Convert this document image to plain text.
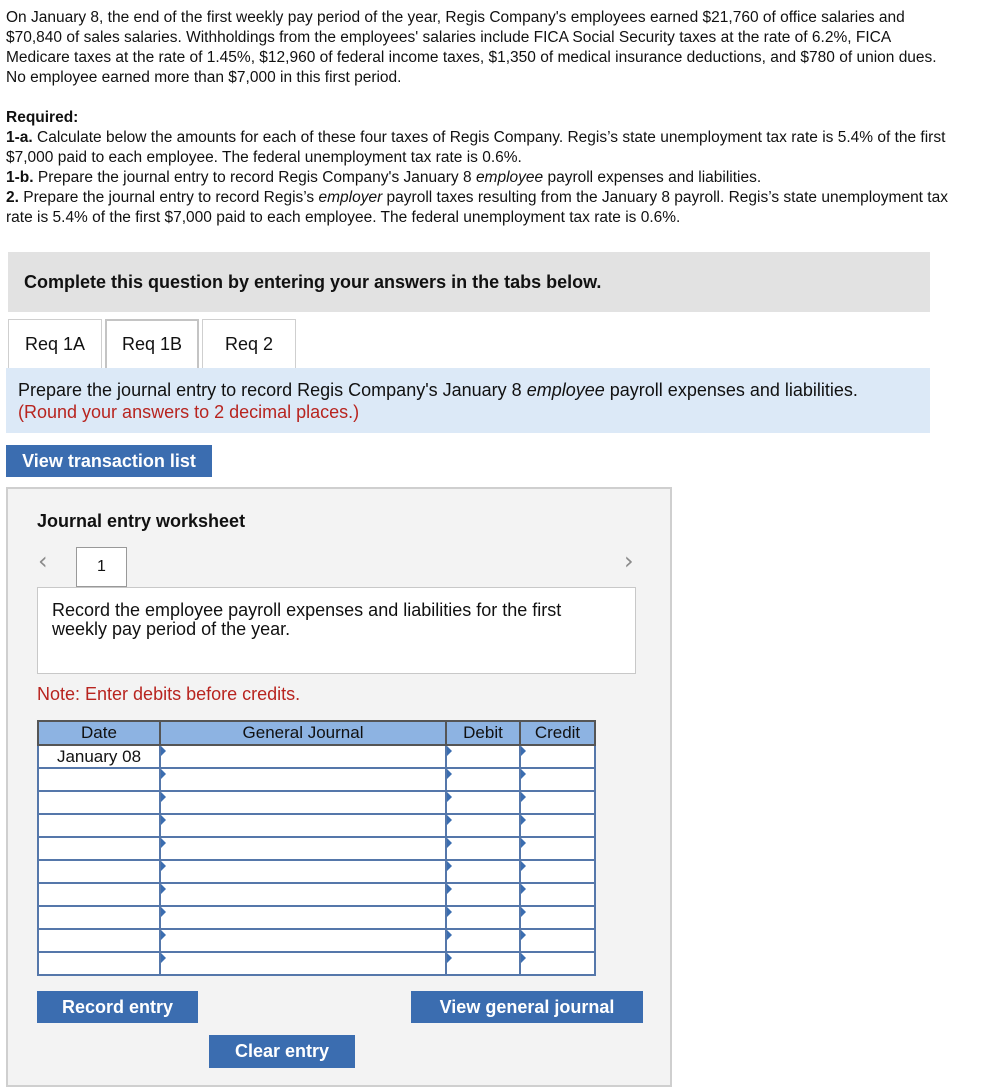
On January 8, the end of the first weekly pay period of the year, Regis Company's employees earned $21,760 of office salaries and $70,840 of sales salaries. Withholdings from the employees' salaries include FICA Social Security taxes at the rate of 6.2%, FICA Medicare taxes at the rate of 1.45%, $12,960 of federal income taxes, $1,350 of medical insurance deductions, and $780 of union dues. No employee earned more than $7,000 in this first period.

Required:

1-a. Calculate below the amounts for each of these four taxes of Regis Company. Regis’s state unemployment tax rate is 5.4% of the first $7,000 paid to each employee. The federal unemployment tax rate is 0.6%.

1-b. Prepare the journal entry to record Regis Company's January 8 employee payroll expenses and liabilities.

2. Prepare the journal entry to record Regis’s employer payroll taxes resulting from the January 8 payroll. Regis’s state unemployment tax rate is 5.4% of the first $7,000 paid to each employee. The federal unemployment tax rate is 0.6%.

Complete this question by entering your answers in the tabs below.
Req 1A	Req 1B	Req 2
Prepare the journal entry to record Regis Company's January 8 employee payroll expenses and liabilities. (Round your answers to 2 decimal places.)
View transaction list
Journal entry worksheet
‹	1	›
Record the employee payroll expenses and liabilities for the first weekly pay period of the year.
Note: Enter debits before credits.
Date	General Journal	Debit	Credit
January 08			

Record entry	View general journal
Clear entry
